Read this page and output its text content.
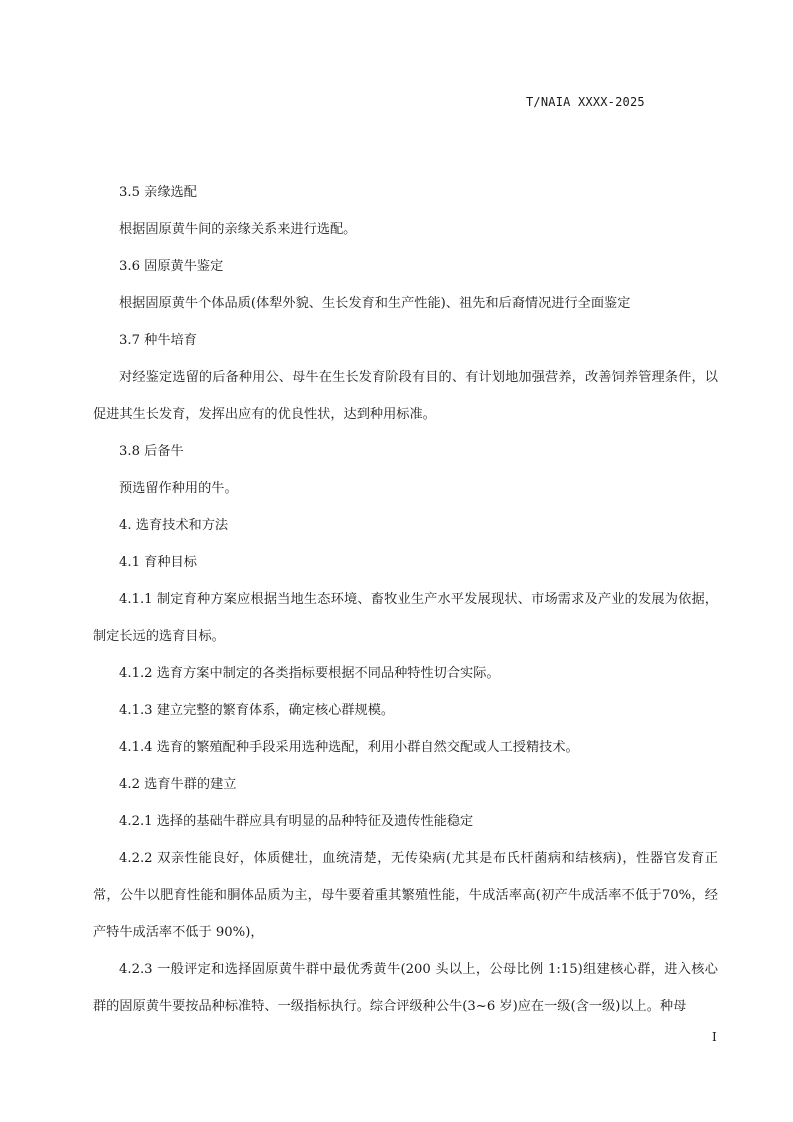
T/NAIA XXXX-2025

3.5 亲缘选配

根据固原黄牛间的亲缘关系来进行选配。

3.6 固原黄牛鉴定

根据固原黄牛个体品质(体犁外貌、生长发育和生产性能)、祖先和后裔情况进行全面鉴定

3.7 种牛培育

对经鉴定选留的后备种用公、母牛在生长发育阶段有目的、有计划地加强营养，改善饲养管理条件，以促进其生长发育，发挥出应有的优良性状，达到种用标准。

3.8 后备牛

预选留作种用的牛。

4. 选育技术和方法

4.1 育种目标

4.1.1 制定育种方案应根据当地生态环境、畜牧业生产水平发展现状、市场需求及产业的发展为依据，制定长远的选育目标。

4.1.2 选育方案中制定的各类指标要根据不同品种特性切合实际。

4.1.3 建立完整的繁育体系，确定核心群规模。

4.1.4 选育的繁殖配种手段采用选种选配，利用小群自然交配或人工授精技术。

4.2 选育牛群的建立

4.2.1 选择的基础牛群应具有明显的品种特征及遗传性能稳定

4.2.2 双亲性能良好，体质健壮，血统清楚，无传染病(尤其是布氏杆菌病和结核病)，性器官发育正常，公牛以肥育性能和胴体品质为主，母牛要着重其繁殖性能，牛成活率高(初产牛成活率不低于70%，经产特牛成活率不低于 90%)，

4.2.3 一般评定和选择固原黄牛群中最优秀黄牛(200 头以上，公母比例 1:15)组建核心群，进入核心群的固原黄牛要按品种标准特、一级指标执行。综合评级种公牛(3~6 岁)应在一级(含一级)以上。种母

I
